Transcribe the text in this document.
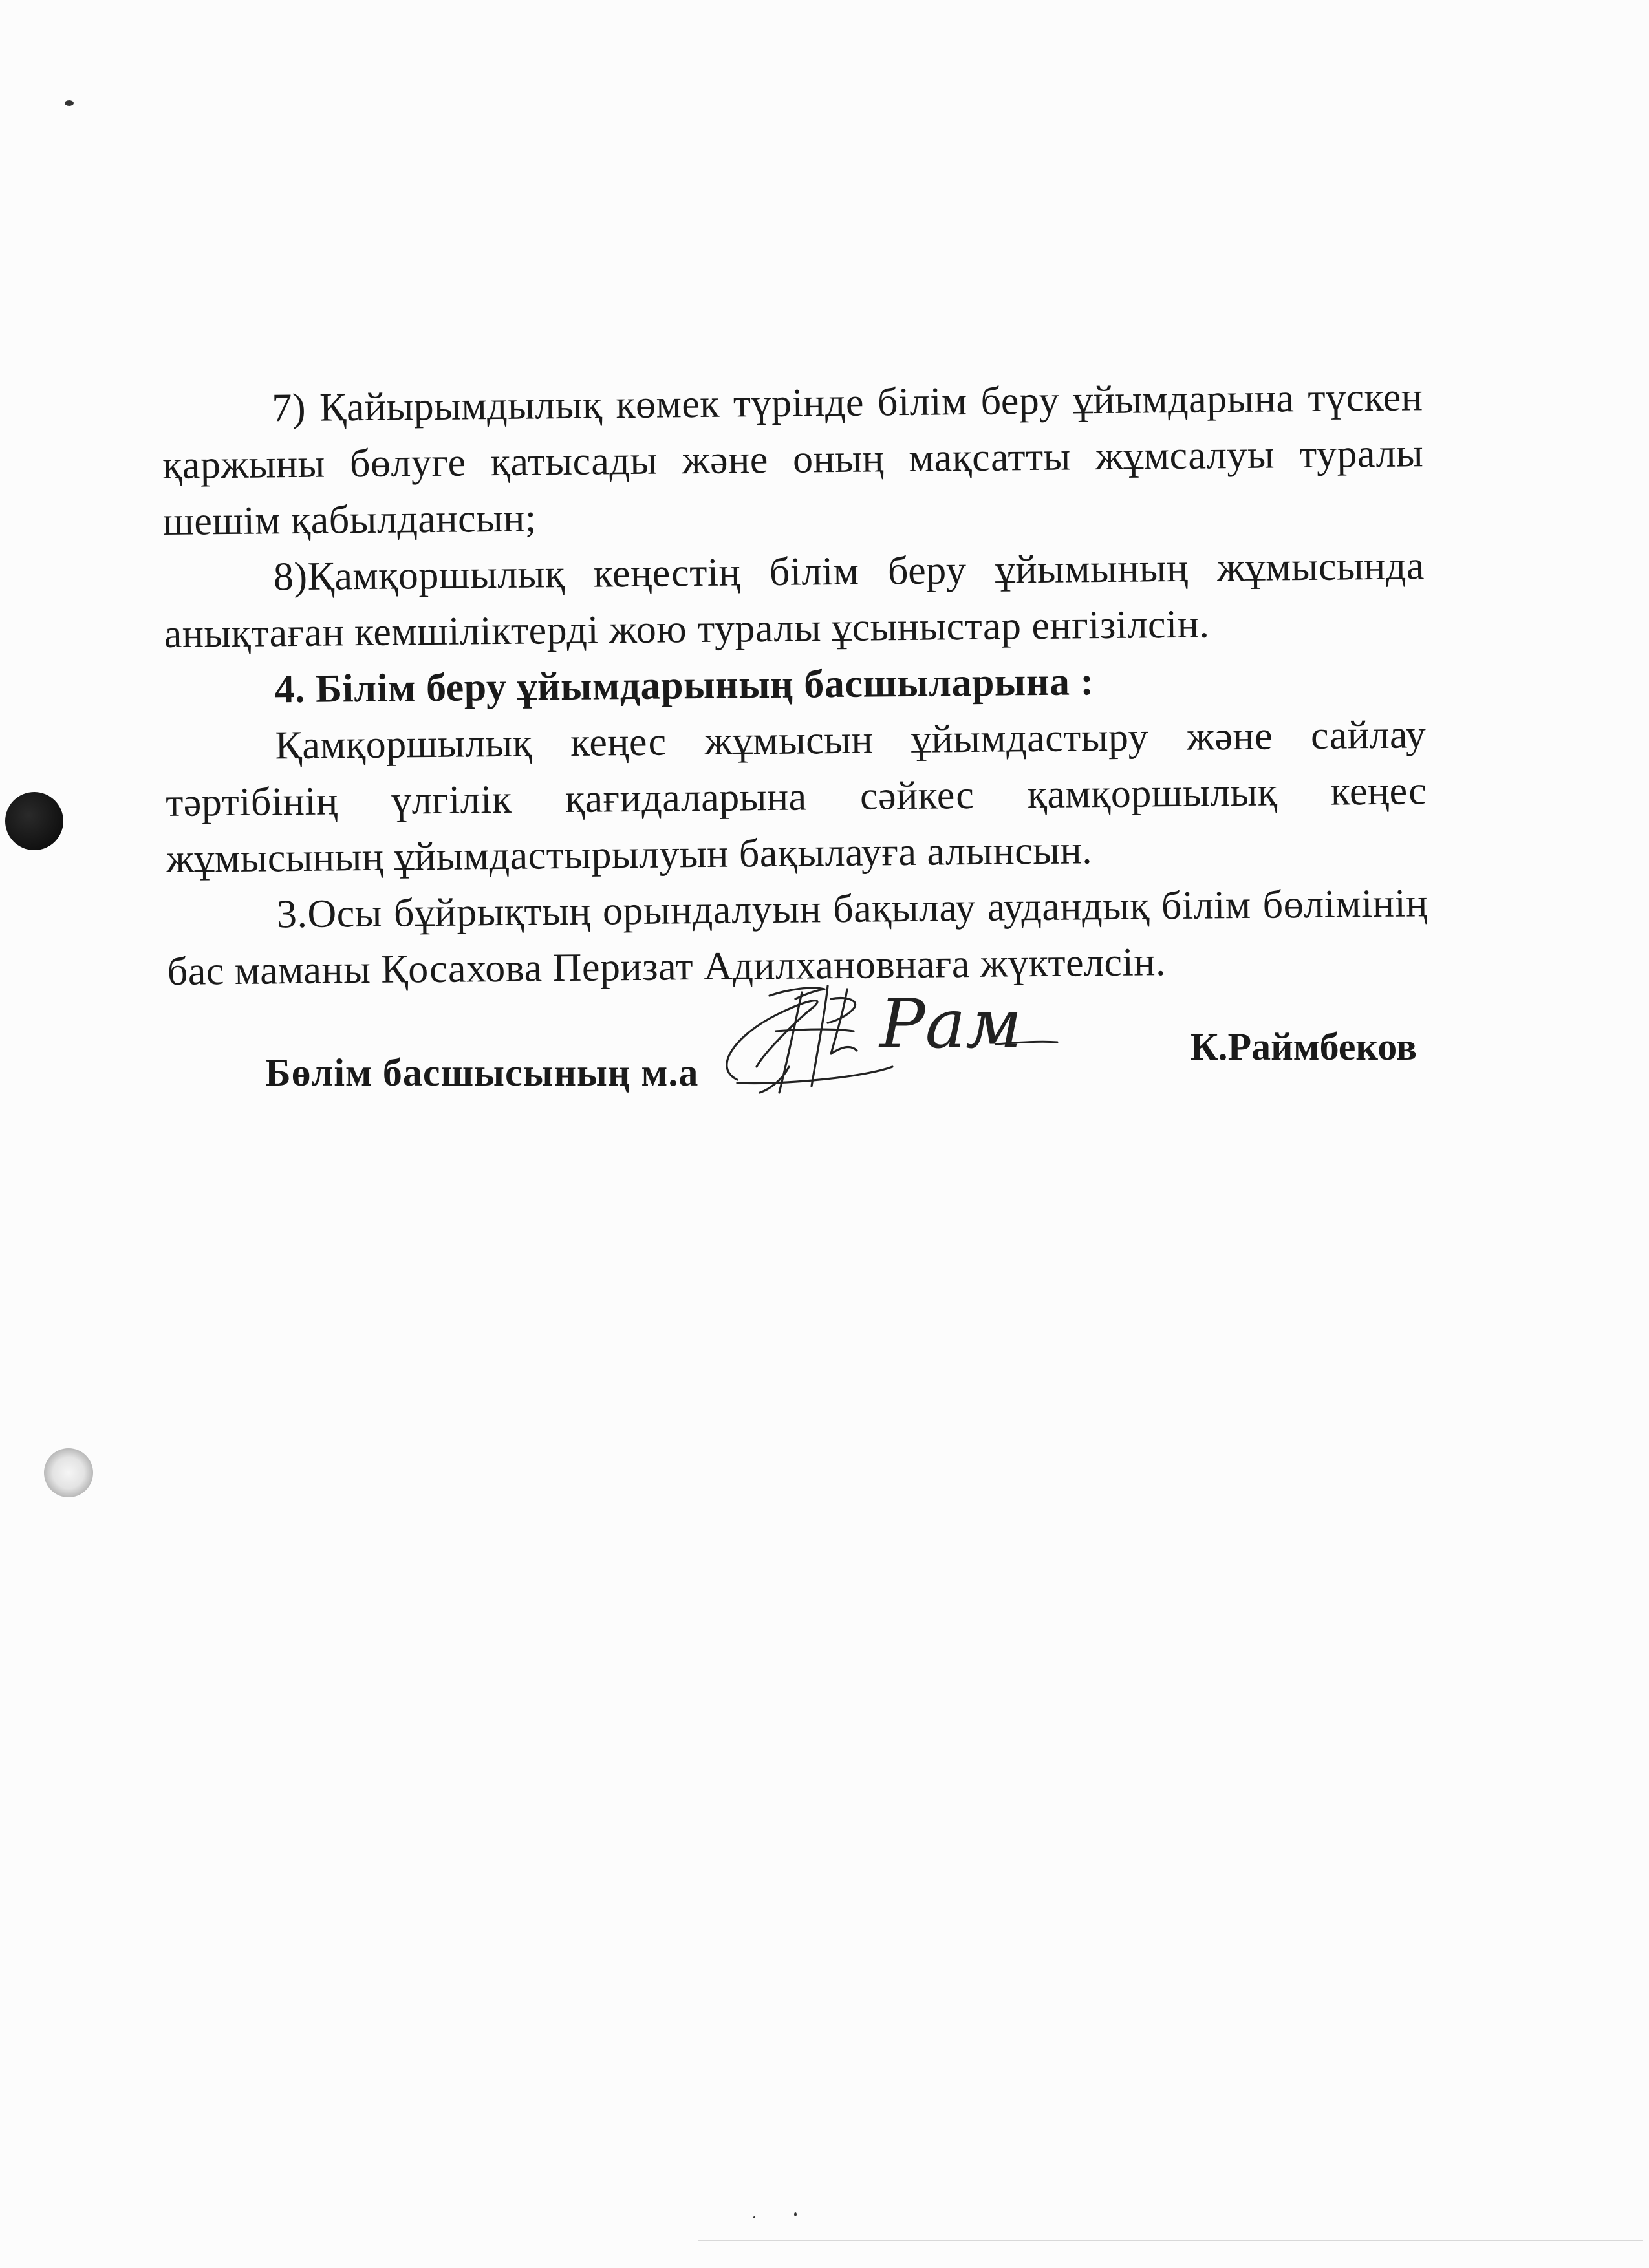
7) Қайырымдылық көмек түрінде білім беру ұйымдарына түскен қаржыны бөлуге қатысады және оның мақсатты жұмсалуы туралы шешім қабылдансын;

8)Қамқоршылық кеңестің білім беру ұйымының жұмысында анықтаған кемшіліктерді жою туралы ұсыныстар енгізілсін.

4. Білім беру ұйымдарының басшыларына :

Қамқоршылық кеңес жұмысын ұйымдастыру және сайлау тәртібінің үлгілік қағидаларына сәйкес қамқоршылық кеңес жұмысының ұйымдастырылуын бақылауға алынсын.

3.Осы бұйрықтың орындалуын бақылау аудандық білім бөлімінің бас маманы Қосахова Перизат Адилхановнаға жүктелсін.

Бөлім басшысының м.а
Рам	К.Раймбеков
